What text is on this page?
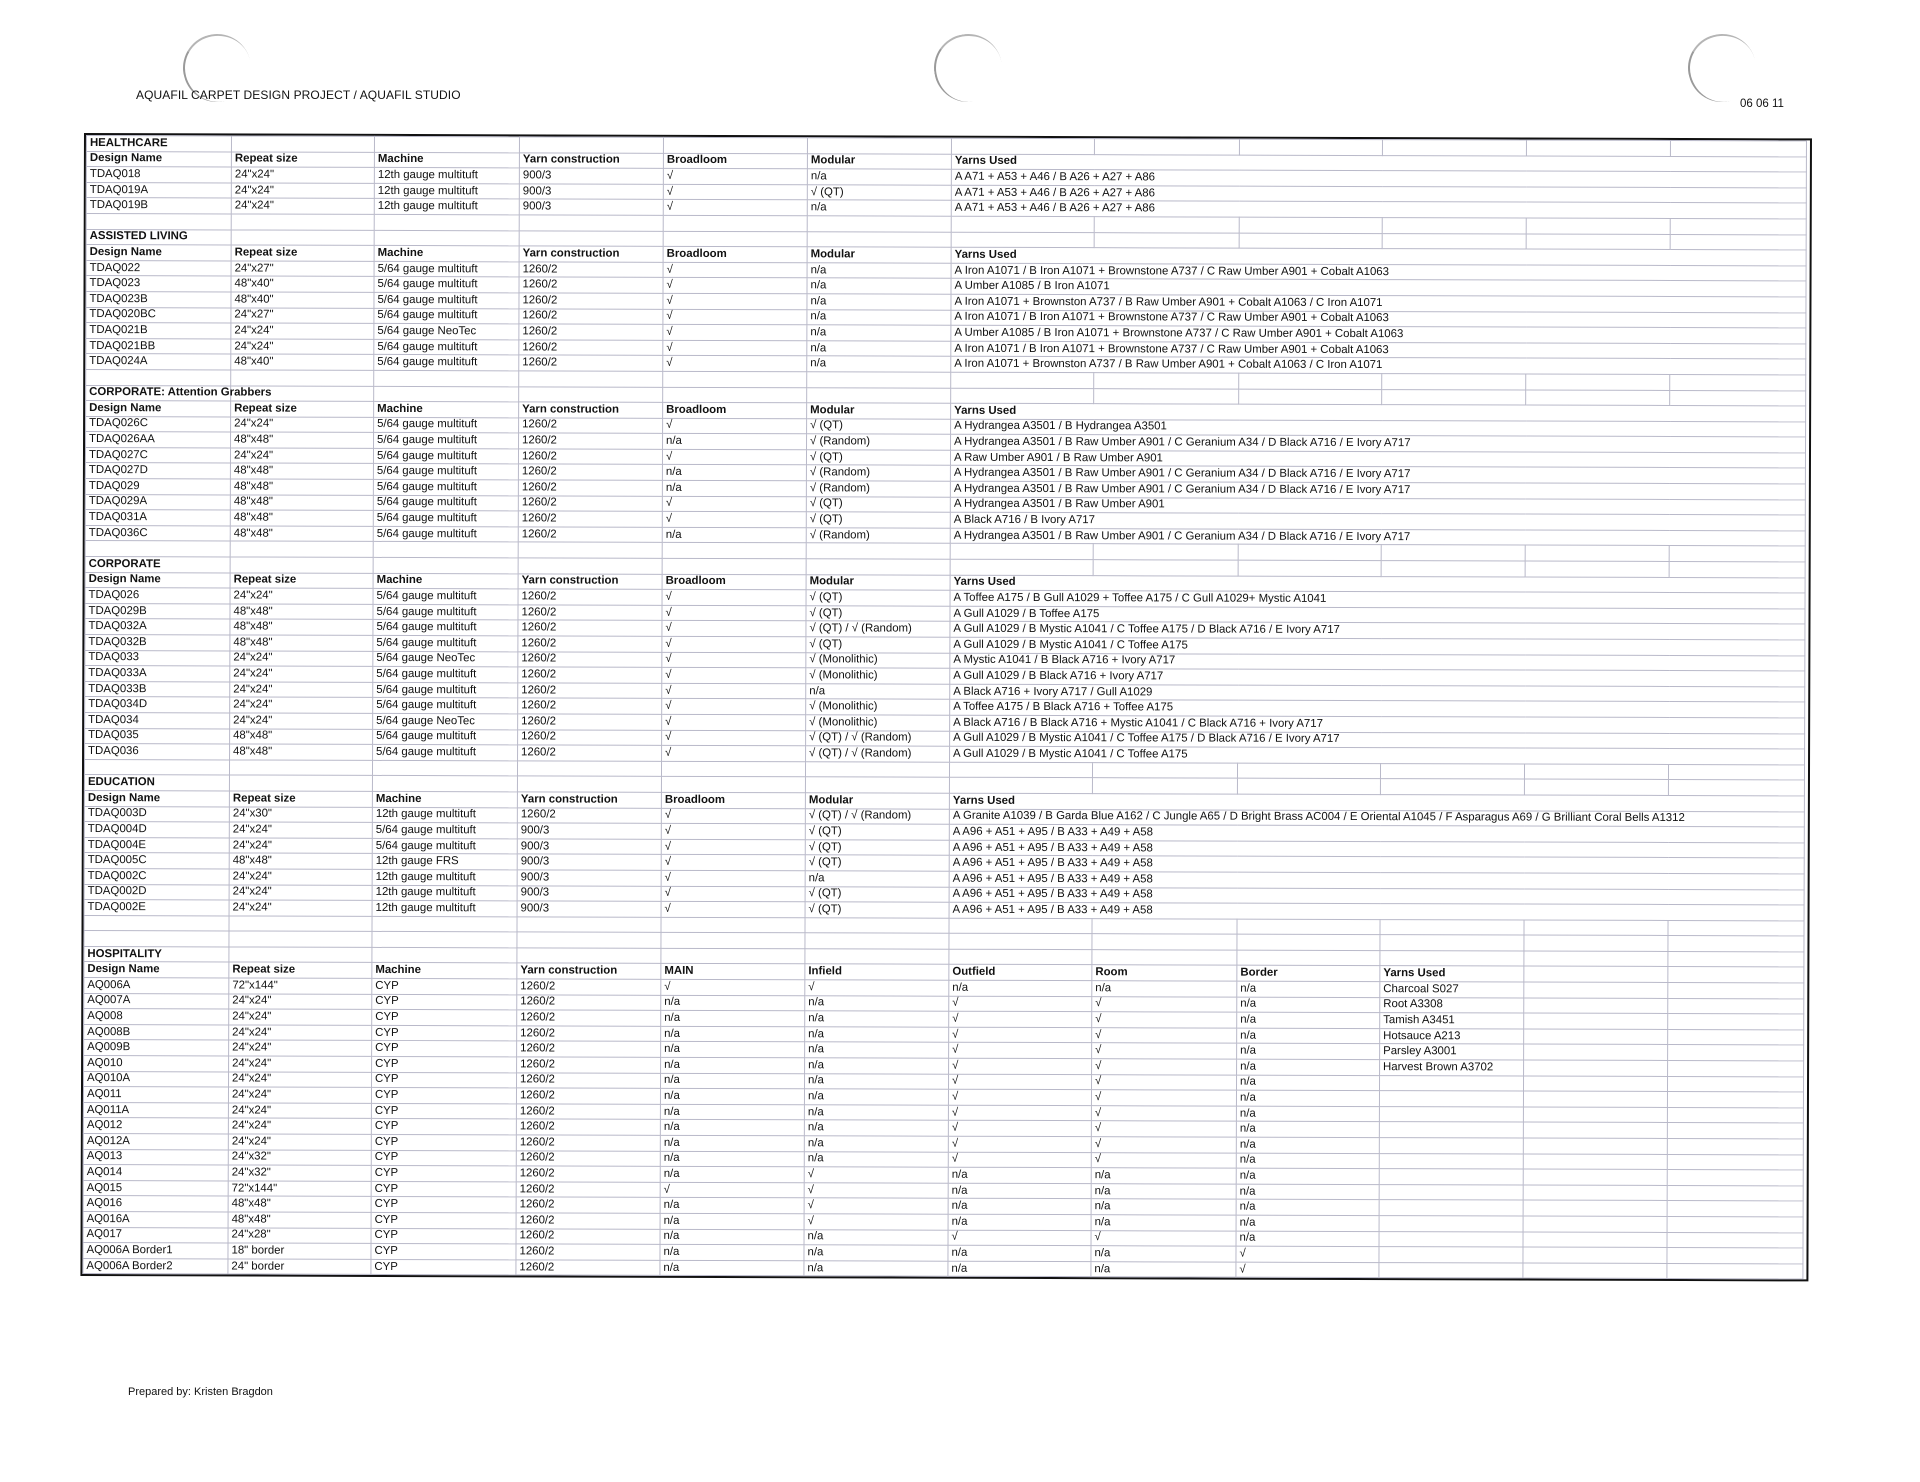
AQUAFIL CARPET DESIGN PROJECT / AQUAFIL STUDIO
06 06 11
HEALTHCARE											
Design Name	Repeat size	Machine	Yarn construction	Broadloom	Modular	Yarns Used					
TDAQ018	24"x24"	12th gauge multituft	900/3	√	n/a	A A71 + A53 + A46 / B A26 + A27 + A86					
TDAQ019A	24"x24"	12th gauge multituft	900/3	√	√ (QT)	A A71 + A53 + A46 / B A26 + A27 + A86					
TDAQ019B	24"x24"	12th gauge multituft	900/3	√	n/a	A A71 + A53 + A46 / B A26 + A27 + A86					

ASSISTED LIVING											
Design Name	Repeat size	Machine	Yarn construction	Broadloom	Modular	Yarns Used					
TDAQ022	24"x27"	5/64 gauge multituft	1260/2	√	n/a	A Iron A1071 / B Iron A1071 + Brownstone A737 / C Raw Umber A901 + Cobalt A1063					
TDAQ023	48"x40"	5/64 gauge multituft	1260/2	√	n/a	A Umber A1085 / B Iron A1071					
TDAQ023B	48"x40"	5/64 gauge multituft	1260/2	√	n/a	A Iron A1071 + Brownston A737 / B Raw Umber A901 + Cobalt A1063 / C Iron A1071					
TDAQ020BC	24"x27"	5/64 gauge multituft	1260/2	√	n/a	A Iron A1071 / B Iron A1071 + Brownstone A737 / C Raw Umber A901 + Cobalt A1063					
TDAQ021B	24"x24"	5/64 gauge NeoTec	1260/2	√	n/a	A Umber A1085 / B Iron A1071 + Brownstone A737 / C Raw Umber A901 + Cobalt A1063					
TDAQ021BB	24"x24"	5/64 gauge multituft	1260/2	√	n/a	A Iron A1071 / B Iron A1071 + Brownstone A737 / C Raw Umber A901 + Cobalt A1063					
TDAQ024A	48"x40"	5/64 gauge multituft	1260/2	√	n/a	A Iron A1071 + Brownston A737 / B Raw Umber A901 + Cobalt A1063 / C Iron A1071					

CORPORATE: Attention Grabbers											
Design Name	Repeat size	Machine	Yarn construction	Broadloom	Modular	Yarns Used					
TDAQ026C	24"x24"	5/64 gauge multituft	1260/2	√	√ (QT)	A Hydrangea A3501 / B Hydrangea A3501					
TDAQ026AA	48"x48"	5/64 gauge multituft	1260/2	n/a	√ (Random)	A Hydrangea A3501 / B Raw Umber A901 / C Geranium A34 / D Black A716 / E Ivory A717					
TDAQ027C	24"x24"	5/64 gauge multituft	1260/2	√	√ (QT)	A Raw Umber A901 / B Raw Umber A901					
TDAQ027D	48"x48"	5/64 gauge multituft	1260/2	n/a	√ (Random)	A Hydrangea A3501 / B Raw Umber A901 / C Geranium A34 / D Black A716 / E Ivory A717					
TDAQ029	48"x48"	5/64 gauge multituft	1260/2	n/a	√ (Random)	A Hydrangea A3501 / B Raw Umber A901 / C Geranium A34 / D Black A716 / E Ivory A717					
TDAQ029A	48"x48"	5/64 gauge multituft	1260/2	√	√ (QT)	A Hydrangea A3501 / B Raw Umber A901					
TDAQ031A	48"x48"	5/64 gauge multituft	1260/2	√	√ (QT)	A Black A716 / B Ivory A717					
TDAQ036C	48"x48"	5/64 gauge multituft	1260/2	n/a	√ (Random)	A Hydrangea A3501 / B Raw Umber A901 / C Geranium A34 / D Black A716 / E Ivory A717					

CORPORATE											
Design Name	Repeat size	Machine	Yarn construction	Broadloom	Modular	Yarns Used					
TDAQ026	24"x24"	5/64 gauge multituft	1260/2	√	√ (QT)	A Toffee A175 / B Gull A1029 + Toffee A175 / C Gull A1029+ Mystic A1041					
TDAQ029B	48"x48"	5/64 gauge multituft	1260/2	√	√ (QT)	A Gull A1029 / B Toffee A175					
TDAQ032A	48"x48"	5/64 gauge multituft	1260/2	√	√ (QT) / √ (Random)	A Gull A1029 / B Mystic A1041 / C Toffee A175 / D Black A716 / E Ivory A717					
TDAQ032B	48"x48"	5/64 gauge multituft	1260/2	√	√ (QT)	A Gull A1029 / B Mystic A1041 / C Toffee A175					
TDAQ033	24"x24"	5/64 gauge NeoTec	1260/2	√	√ (Monolithic)	A Mystic A1041 / B Black A716 + Ivory A717					
TDAQ033A	24"x24"	5/64 gauge multituft	1260/2	√	√ (Monolithic)	A Gull A1029 / B Black A716 + Ivory A717					
TDAQ033B	24"x24"	5/64 gauge multituft	1260/2	√	n/a	A Black A716 + Ivory A717 / Gull A1029					
TDAQ034D	24"x24"	5/64 gauge multituft	1260/2	√	√ (Monolithic)	A Toffee A175 / B Black A716 + Toffee A175					
TDAQ034	24"x24"	5/64 gauge NeoTec	1260/2	√	√ (Monolithic)	A Black A716 / B Black A716 + Mystic A1041 / C Black A716 + Ivory A717					
TDAQ035	48"x48"	5/64 gauge multituft	1260/2	√	√ (QT) / √ (Random)	A Gull A1029 / B Mystic A1041 / C Toffee A175 / D Black A716 / E Ivory A717					
TDAQ036	48"x48"	5/64 gauge multituft	1260/2	√	√ (QT) / √ (Random)	A Gull A1029 / B Mystic A1041 / C Toffee A175					

EDUCATION											
Design Name	Repeat size	Machine	Yarn construction	Broadloom	Modular	Yarns Used					
TDAQ003D	24"x30"	12th gauge multituft	1260/2	√	√ (QT) / √ (Random)	A Granite A1039 / B Garda Blue A162 / C Jungle A65 / D Bright Brass AC004 / E Oriental A1045 / F Asparagus A69 / G Brilliant Coral Bells A1312					
TDAQ004D	24"x24"	5/64 gauge multituft	900/3	√	√ (QT)	A A96 + A51 + A95 / B A33 + A49 + A58					
TDAQ004E	24"x24"	5/64 gauge multituft	900/3	√	√ (QT)	A A96 + A51 + A95 / B A33 + A49 + A58					
TDAQ005C	48"x48"	12th gauge FRS	900/3	√	√ (QT)	A A96 + A51 + A95 / B A33 + A49 + A58					
TDAQ002C	24"x24"	12th gauge multituft	900/3	√	n/a	A A96 + A51 + A95 / B A33 + A49 + A58					
TDAQ002D	24"x24"	12th gauge multituft	900/3	√	√ (QT)	A A96 + A51 + A95 / B A33 + A49 + A58					
TDAQ002E	24"x24"	12th gauge multituft	900/3	√	√ (QT)	A A96 + A51 + A95 / B A33 + A49 + A58					

HOSPITALITY											
Design Name	Repeat size	Machine	Yarn construction	MAIN	Infield	Outfield	Room	Border	Yarns Used		
AQ006A	72"x144"	CYP	1260/2	√	√	n/a	n/a	n/a	Charcoal S027		
AQ007A	24"x24"	CYP	1260/2	n/a	n/a	√	√	n/a	Root A3308		
AQ008	24"x24"	CYP	1260/2	n/a	n/a	√	√	n/a	Tamish A3451		
AQ008B	24"x24"	CYP	1260/2	n/a	n/a	√	√	n/a	Hotsauce A213		
AQ009B	24"x24"	CYP	1260/2	n/a	n/a	√	√	n/a	Parsley A3001		
AQ010	24"x24"	CYP	1260/2	n/a	n/a	√	√	n/a	Harvest Brown A3702		
AQ010A	24"x24"	CYP	1260/2	n/a	n/a	√	√	n/a			
AQ011	24"x24"	CYP	1260/2	n/a	n/a	√	√	n/a			
AQ011A	24"x24"	CYP	1260/2	n/a	n/a	√	√	n/a			
AQ012	24"x24"	CYP	1260/2	n/a	n/a	√	√	n/a			
AQ012A	24"x24"	CYP	1260/2	n/a	n/a	√	√	n/a			
AQ013	24"x32"	CYP	1260/2	n/a	n/a	√	√	n/a			
AQ014	24"x32"	CYP	1260/2	n/a	√	n/a	n/a	n/a			
AQ015	72"x144"	CYP	1260/2	√	√	n/a	n/a	n/a			
AQ016	48"x48"	CYP	1260/2	n/a	√	n/a	n/a	n/a			
AQ016A	48"x48"	CYP	1260/2	n/a	√	n/a	n/a	n/a			
AQ017	24"x28"	CYP	1260/2	n/a	n/a	√	√	n/a			
AQ006A Border1	18" border	CYP	1260/2	n/a	n/a	n/a	n/a	√			
AQ006A Border2	24" border	CYP	1260/2	n/a	n/a	n/a	n/a	√			
Prepared by: Kristen Bragdon
